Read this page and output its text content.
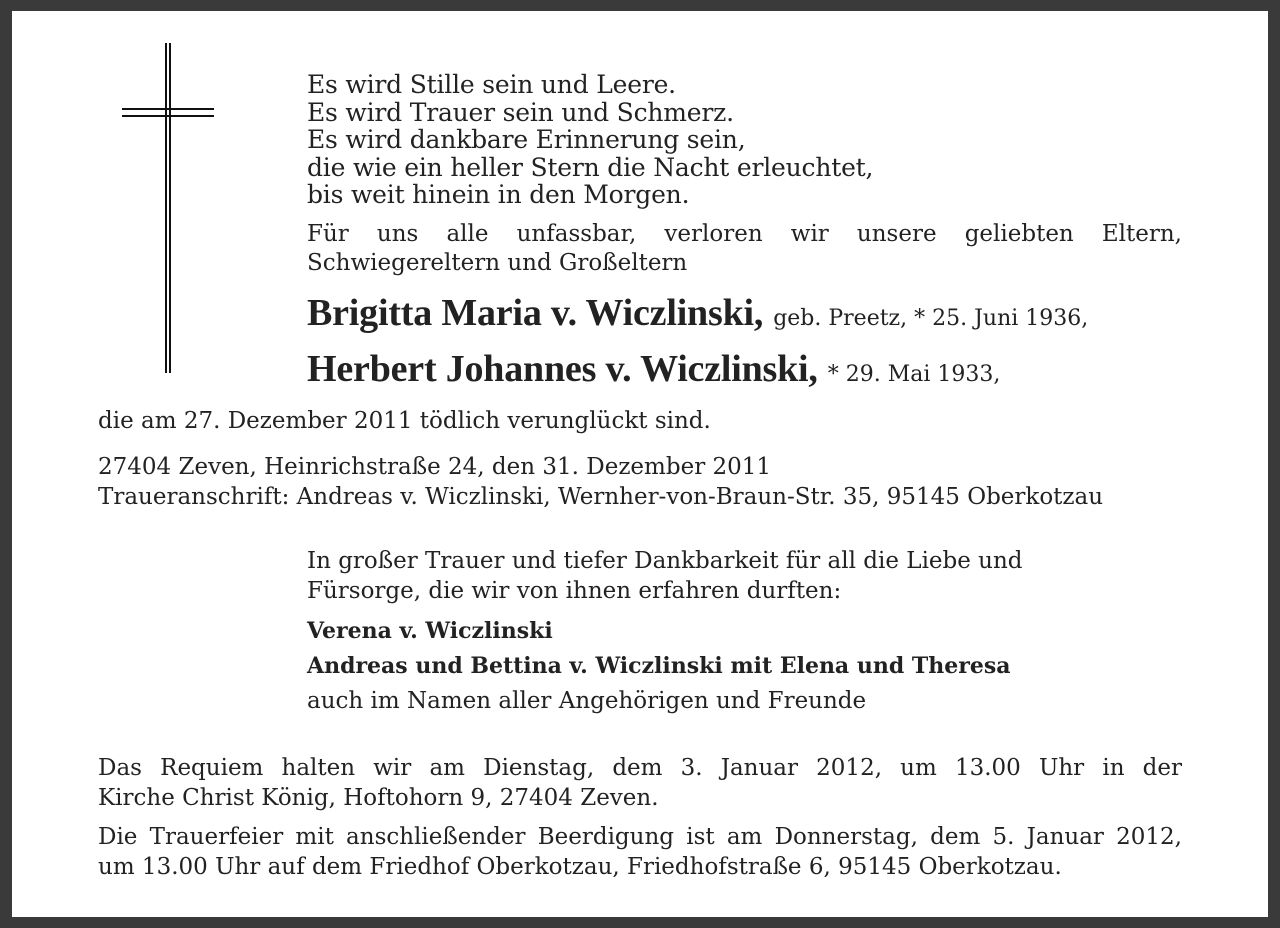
Es wird Stille sein und Leere.
Es wird Trauer sein und Schmerz.
Es wird dankbare Erinnerung sein,
die wie ein heller Stern die Nacht erleuchtet,
bis weit hinein in den Morgen.
Für uns alle unfassbar, verloren wir unsere geliebten Eltern,
Schwiegereltern und Großeltern
Brigitta Maria v. Wiczlinski, geb. Preetz, * 25. Juni 1936,
Herbert Johannes v. Wiczlinski, * 29. Mai 1933,
die am 27. Dezember 2011 tödlich verunglückt sind.
27404 Zeven, Heinrichstraße 24, den 31. Dezember 2011
Traueranschrift: Andreas v. Wiczlinski, Wernher-von-Braun-Str. 35, 95145 Oberkotzau
In großer Trauer und tiefer Dankbarkeit für all die Liebe und
Fürsorge, die wir von ihnen erfahren durften:
Verena v. Wiczlinski
Andreas und Bettina v. Wiczlinski mit Elena und Theresa
auch im Namen aller Angehörigen und Freunde
Das Requiem halten wir am Dienstag, dem 3. Januar 2012, um 13.00 Uhr in der
Kirche Christ König, Hoftohorn 9, 27404 Zeven.
Die Trauerfeier mit anschließender Beerdigung ist am Donnerstag, dem 5. Januar 2012,
um 13.00 Uhr auf dem Friedhof Oberkotzau, Friedhofstraße 6, 95145 Oberkotzau.
